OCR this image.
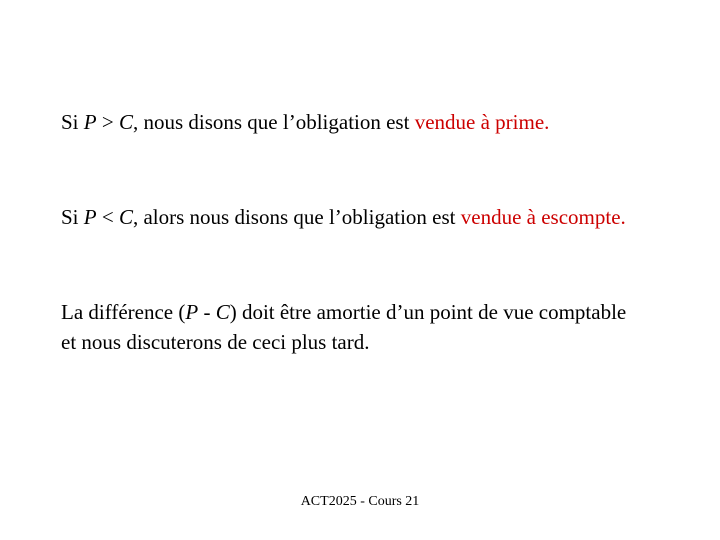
Si P > C, nous disons que l’obligation est vendue à prime.
Si P < C, alors nous disons que l’obligation est vendue à escompte.
La différence (P - C) doit être amortie d’un point de vue comptable et nous discuterons de ceci plus tard.
ACT2025 - Cours 21
